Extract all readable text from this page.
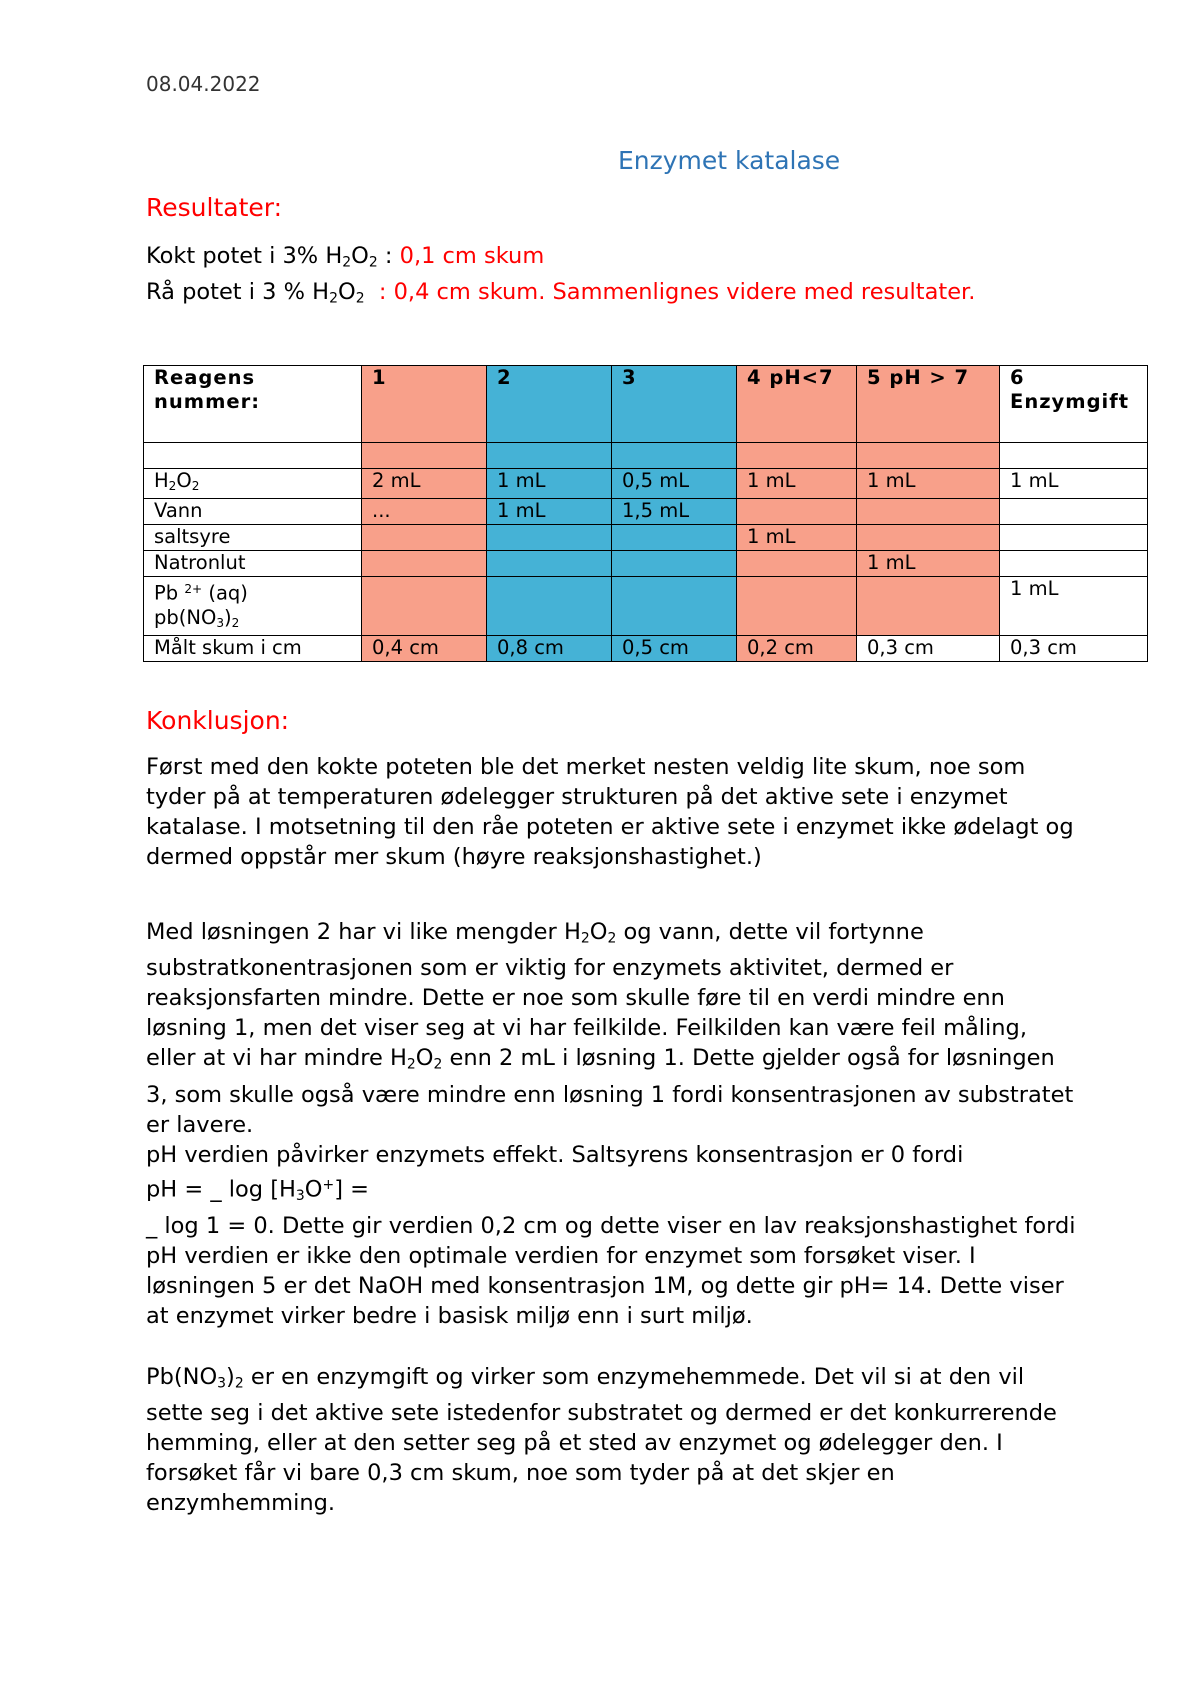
08.04.2022
Enzymet katalase
Resultater:
Kokt potet i 3% $H_2O_2$ : 0,1 cm skum
Rå potet i 3 % $H_2O_2$ : 0,4 cm skum. Sammenlignes videre med resultater.
Reagens nummer:	1	2	3	4 pH<7	5 pH > 7	6 Enzymgift

$H_2O_2$	2 mL	1 mL	0,5 mL	1 mL	1 mL	1 mL
Vann	...	1 mL	1,5 mL			
saltsyre				1 mL		
Natronlut					1 mL	
Pb $^{2+}$ (aq)
$pb(NO_3)_2$						1 mL
Målt skum i cm	0,4 cm	0,8 cm	0,5 cm	0,2 cm	0,3 cm	0,3 cm
Konklusjon:

Først med den kokte poteten ble det merket nesten veldig lite skum, noe som tyder på at temperaturen ødelegger strukturen på det aktive sete i enzymet katalase. I motsetning til den råe poteten er aktive sete i enzymet ikke ødelagt og dermed oppstår mer skum (høyre reaksjonshastighet.)

Med løsningen 2 har vi like mengder $H_2O_2$ og vann, dette vil fortynne substratkonentrasjonen som er viktig for enzymets aktivitet, dermed er reaksjonsfarten mindre. Dette er noe som skulle føre til en verdi mindre enn løsning 1, men det viser seg at vi har feilkilde. Feilkilden kan være feil måling, eller at vi har mindre $H_2O_2$ enn 2 mL i løsning 1. Dette gjelder også for løsningen 3, som skulle også være mindre enn løsning 1 fordi konsentrasjonen av substratet er lavere.

pH verdien påvirker enzymets effekt. Saltsyrens konsentrasjon er 0 fordi
pH = _ $\log [H_3O^+]$ =
_ log 1 = 0. Dette gir verdien 0,2 cm og dette viser en lav reaksjonshastighet fordi pH verdien er ikke den optimale verdien for enzymet som forsøket viser. I løsningen 5 er det NaOH med konsentrasjon 1M, og dette gir pH= 14. Dette viser at enzymet virker bedre i basisk miljø enn i surt miljø.

$Pb(NO_3)_2$ er en enzymgift og virker som enzymehemmede. Det vil si at den vil sette seg i det aktive sete istedenfor substratet og dermed er det konkurrerende hemming, eller at den setter seg på et sted av enzymet og ødelegger den. I forsøket får vi bare 0,3 cm skum, noe som tyder på at det skjer en enzymhemming.
